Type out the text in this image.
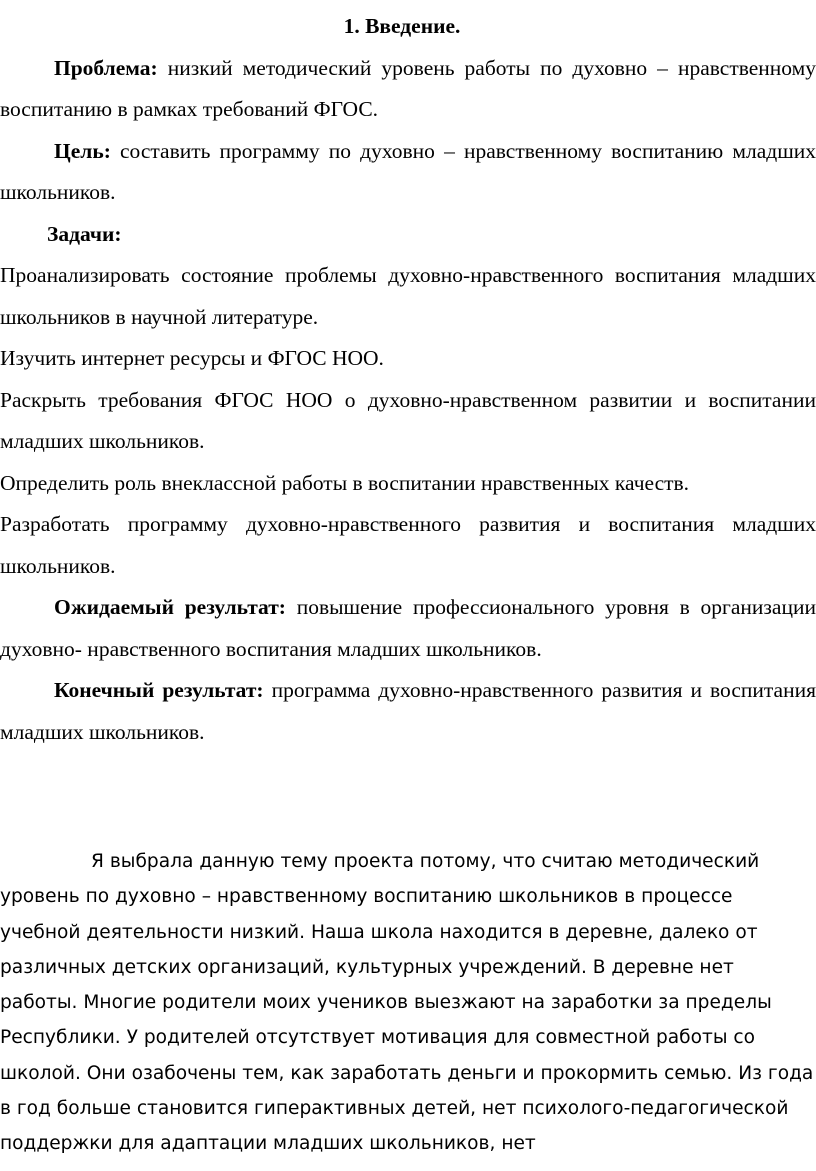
1. Введение.

Проблема: низкий методический уровень работы по духовно – нравственному воспитанию в рамках требований ФГОС.

Цель: составить программу по духовно – нравственному воспитанию младших школьников.

Задачи:

Проанализировать состояние проблемы духовно-нравственного воспитания младших школьников в научной литературе.

Изучить интернет ресурсы и ФГОС НОО.

Раскрыть требования ФГОС НОО о духовно-нравственном развитии и воспитании младших школьников.

Определить роль внеклассной работы в воспитании нравственных качеств.

Разработать программу духовно-нравственного развития и воспитания младших школьников.

Ожидаемый результат: повышение профессионального уровня в организации духовно- нравственного воспитания младших школьников.

Конечный результат: программа духовно-нравственного развития и воспитания младших школьников.

Я выбрала данную тему проекта потому, что считаю методический уровень по духовно – нравственному воспитанию школьников в процессе учебной деятельности низкий. Наша школа находится в деревне, далеко от различных детских организаций, культурных учреждений. В деревне нет работы. Многие родители моих учеников выезжают на заработки за пределы Республики. У родителей отсутствует мотивация для совместной работы со школой. Они озабочены тем, как заработать деньги и прокормить семью. Из года в год больше становится гиперактивных детей, нет психолого-педагогической поддержки для адаптации младших школьников, нет
